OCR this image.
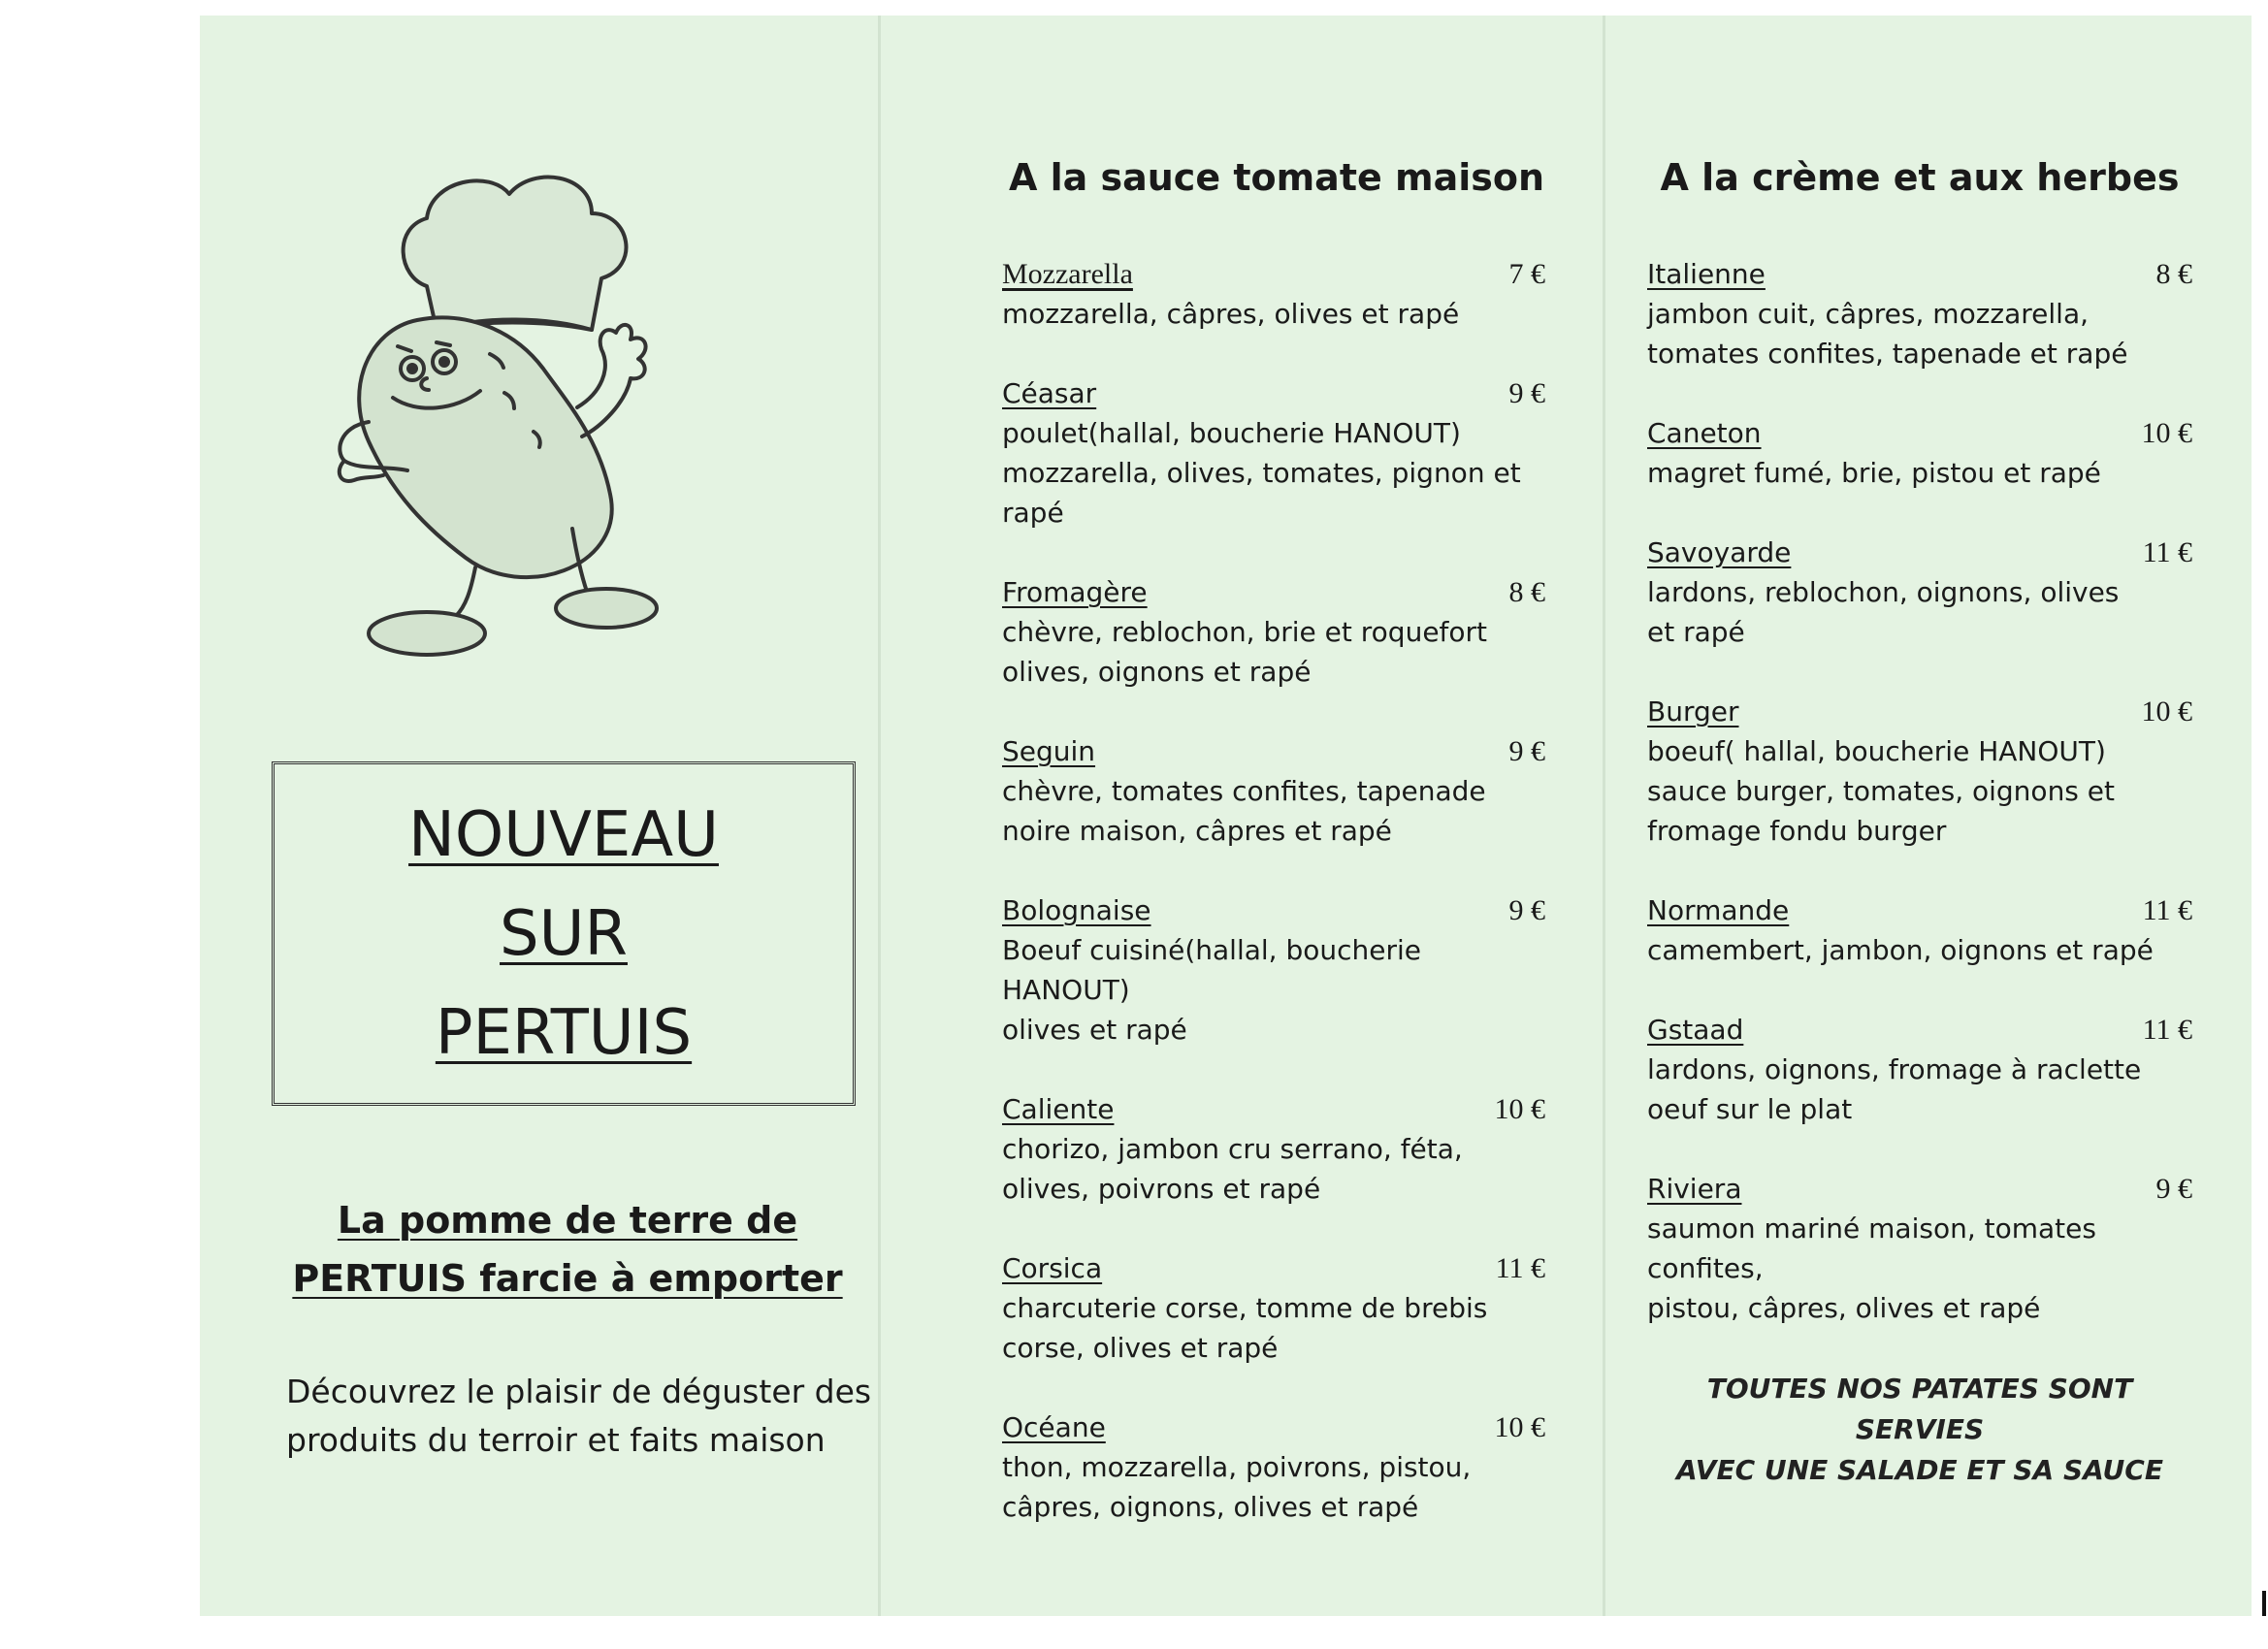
NOUVEAU
SUR
PERTUIS
La pomme de terre de
PERTUIS farcie à emporter
Découvrez le plaisir de déguster des
produits du terroir et faits maison
A la sauce tomate maison
Mozzarella	7 €
mozzarella, câpres, olives et rapé
Céasar	9 €
poulet(hallal, boucherie HANOUT)
mozzarella, olives, tomates, pignon et rapé
Fromagère	8 €
chèvre, reblochon, brie et roquefort
olives, oignons et rapé
Seguin	9 €
chèvre, tomates confites, tapenade
noire maison, câpres et rapé
Bolognaise	9 €
Boeuf cuisiné(hallal, boucherie HANOUT)
olives et rapé
Caliente	10 €
chorizo, jambon cru serrano, féta,
olives, poivrons et rapé
Corsica	11 €
charcuterie corse, tomme de brebis
corse, olives et rapé
Océane	10 €
thon, mozzarella, poivrons, pistou,
câpres, oignons, olives et rapé
A la crème et aux herbes
Italienne	8 €
jambon cuit, câpres, mozzarella,
tomates confites, tapenade et rapé
Caneton	10 €
magret fumé, brie, pistou et rapé
Savoyarde	11 €
lardons, reblochon, oignons, olives
et rapé
Burger	10 €
boeuf( hallal, boucherie HANOUT)
sauce burger, tomates, oignons et
fromage fondu burger
Normande	11 €
camembert, jambon, oignons et rapé
Gstaad	11 €
lardons, oignons, fromage à raclette
oeuf sur le plat
Riviera	9 €
saumon mariné maison, tomates confites,
pistou, câpres, olives et rapé
TOUTES NOS PATATES SONT SERVIES
AVEC UNE SALADE ET SA SAUCE
